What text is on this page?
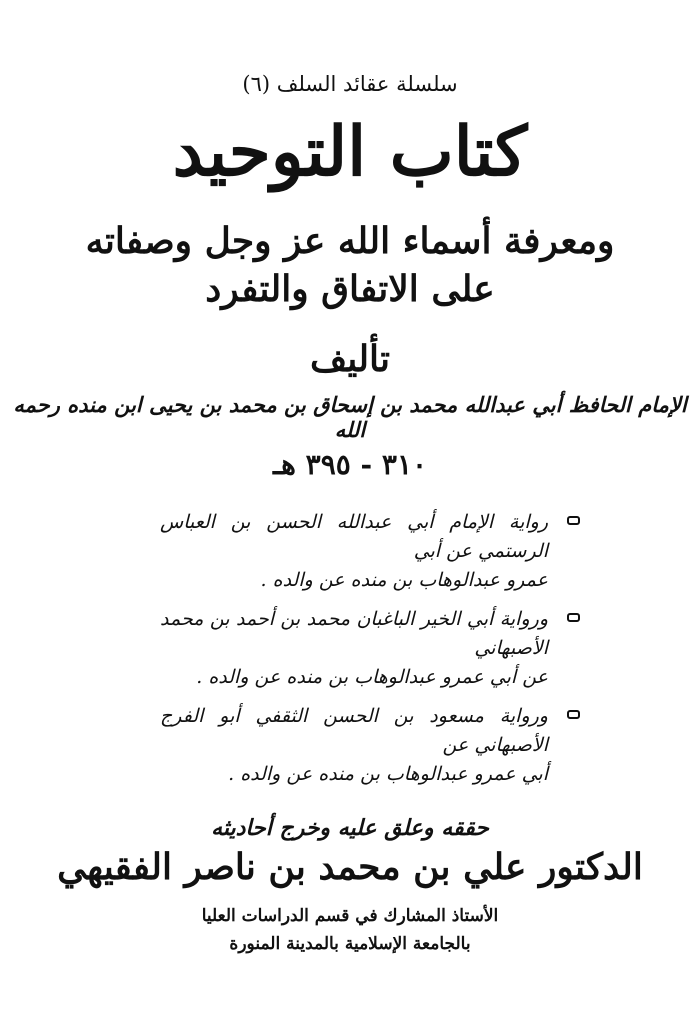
سلسلة عقائد السلف (٦)
كتاب التوحيد
ومعرفة أسماء الله عز وجل وصفاته
على الاتفاق والتفرد
تأليف
الإمام الحافظ أبي عبدالله محمد بن إسحاق بن محمد بن يحيى ابن منده رحمه الله
٣١٠ - ٣٩٥ هـ
رواية الإمام أبي عبدالله الحسن بن العباس الرستمي عن أبي
عمرو عبدالوهاب بن منده عن والده .
ورواية أبي الخير الباغبان محمد بن أحمد بن محمد الأصبهاني
عن أبي عمرو عبدالوهاب بن منده عن والده .
ورواية مسعود بن الحسن الثقفي أبو الفرج الأصبهاني عن
أبي عمرو عبدالوهاب بن منده عن والده .
حققه وعلق عليه وخرج أحاديثه
الدكتور علي بن محمد بن ناصر الفقيهي
الأستاذ المشارك في قسم الدراسات العليا
بالجامعة الإسلامية بالمدينة المنورة
